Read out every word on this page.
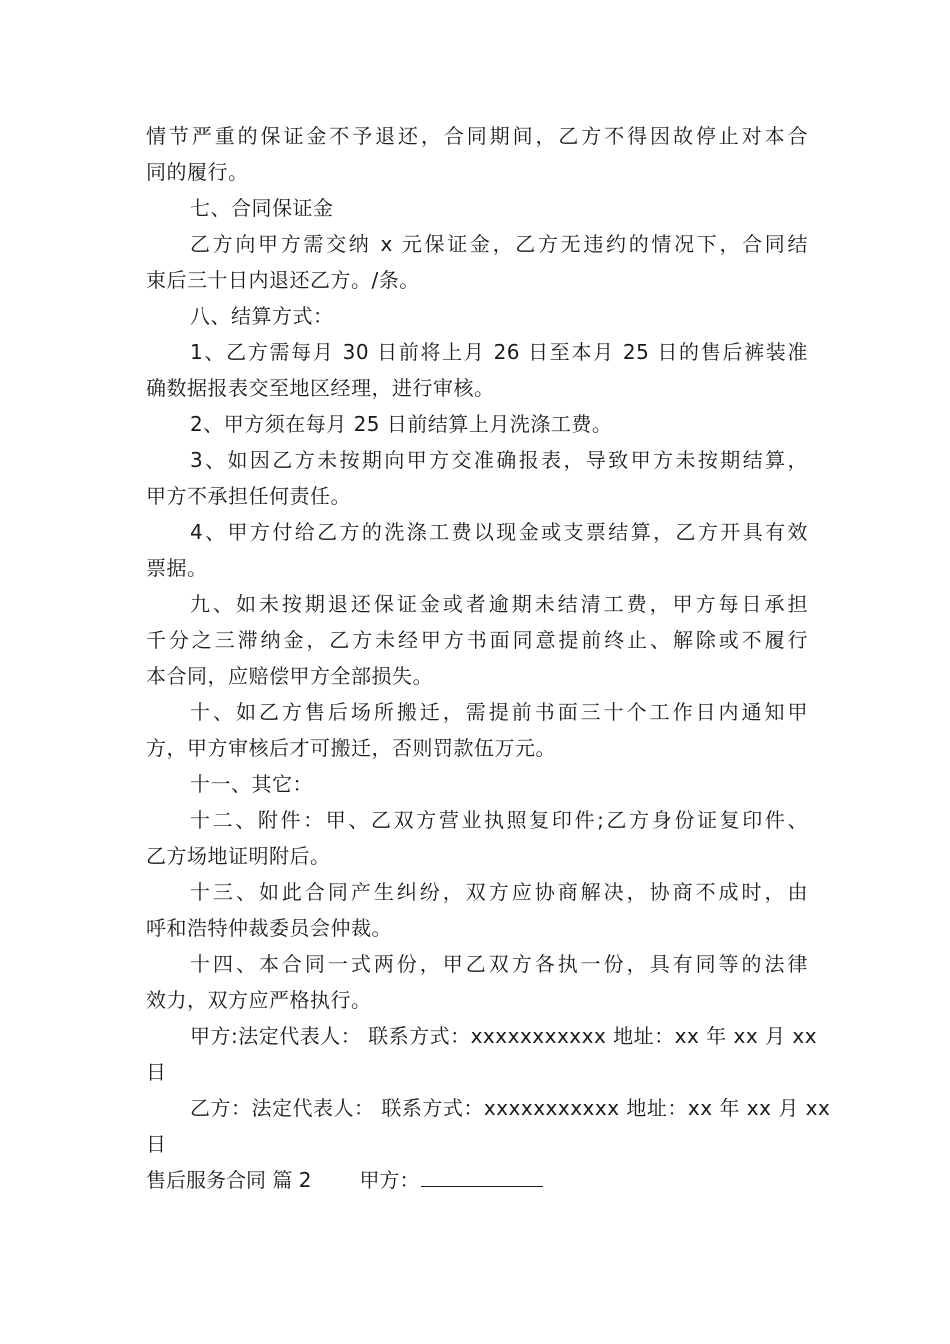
情节严重的保证金不予退还，合同期间，乙方不得因故停止对本合
同的履行。
七、合同保证金
乙方向甲方需交纳 x 元保证金，乙方无违约的情况下，合同结
束后三十日内退还乙方。/条。
八、结算方式：
1、乙方需每月 30 日前将上月 26 日至本月 25 日的售后裤装准
确数据报表交至地区经理，进行审核。
2、甲方须在每月 25 日前结算上月洗涤工费。
3、如因乙方未按期向甲方交准确报表，导致甲方未按期结算，
甲方不承担任何责任。
4、甲方付给乙方的洗涤工费以现金或支票结算，乙方开具有效
票据。
九、如未按期退还保证金或者逾期未结清工费，甲方每日承担
千分之三滞纳金，乙方未经甲方书面同意提前终止、解除或不履行
本合同，应赔偿甲方全部损失。
十、如乙方售后场所搬迁，需提前书面三十个工作日内通知甲
方，甲方审核后才可搬迁，否则罚款伍万元。
十一、其它：
十二、附件：甲、乙双方营业执照复印件;乙方身份证复印件、
乙方场地证明附后。
十三、如此合同产生纠纷，双方应协商解决，协商不成时，由
呼和浩特仲裁委员会仲裁。
十四、本合同一式两份，甲乙双方各执一份，具有同等的法律
效力，双方应严格执行。
甲方:法定代表人： 联系方式：xxxxxxxxxxx 地址：xx 年 xx 月 xx
日
乙方：法定代表人： 联系方式：xxxxxxxxxxx 地址：xx 年 xx 月 xx
日
售后服务合同 篇 2 甲方：
